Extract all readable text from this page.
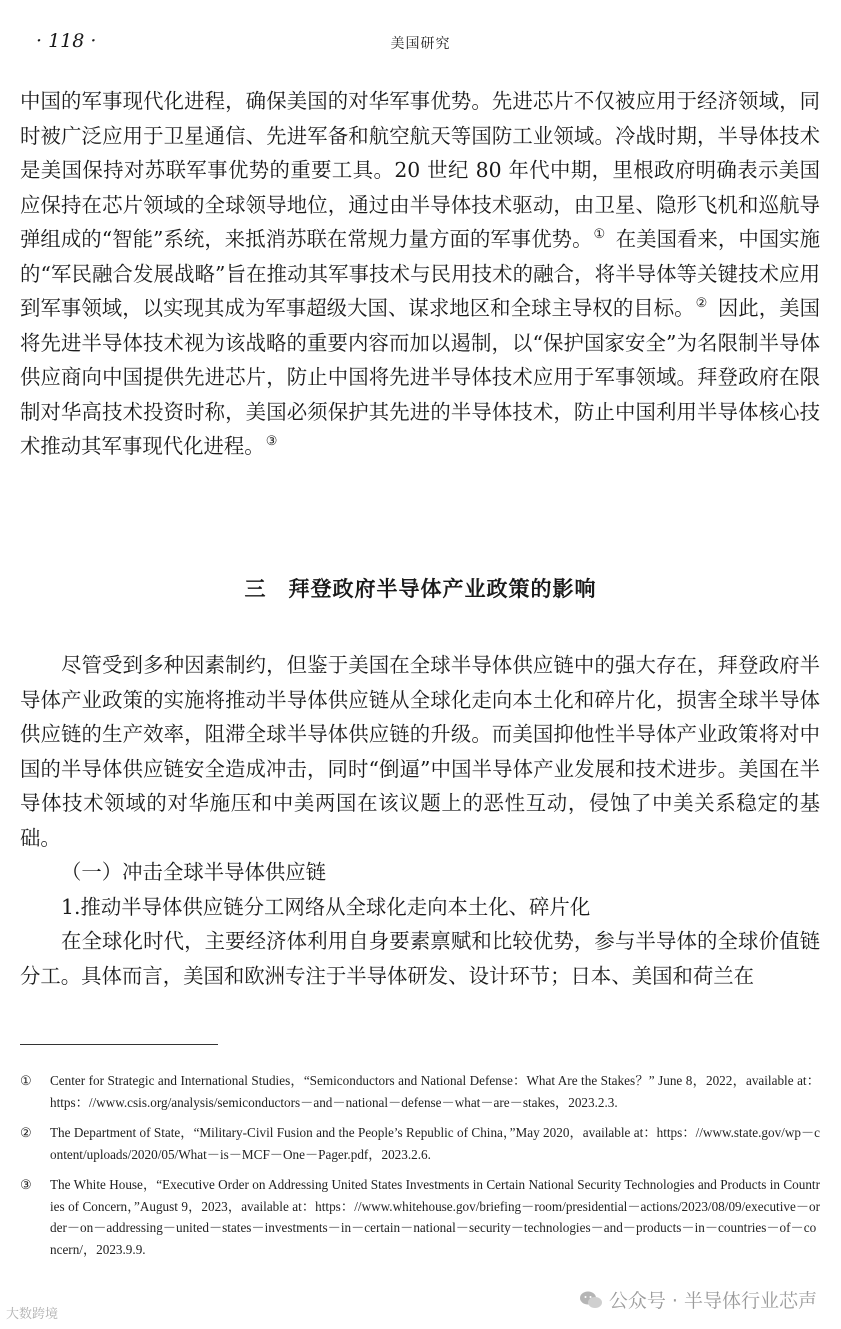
· 118 ·	美国研究

中国的军事现代化进程，确保美国的对华军事优势。先进芯片不仅被应用于经济领域，同时被广泛应用于卫星通信、先进军备和航空航天等国防工业领域。冷战时期，半导体技术是美国保持对苏联军事优势的重要工具。20 世纪 80 年代中期，里根政府明确表示美国应保持在芯片领域的全球领导地位，通过由半导体技术驱动，由卫星、隐形飞机和巡航导弹组成的“智能”系统，来抵消苏联在常规力量方面的军事优势。① 在美国看来，中国实施的“军民融合发展战略”旨在推动其军事技术与民用技术的融合，将半导体等关键技术应用到军事领域，以实现其成为军事超级大国、谋求地区和全球主导权的目标。② 因此，美国将先进半导体技术视为该战略的重要内容而加以遏制，以“保护国家安全”为名限制半导体供应商向中国提供先进芯片，防止中国将先进半导体技术应用于军事领域。拜登政府在限制对华高技术投资时称，美国必须保护其先进的半导体技术，防止中国利用半导体核心技术推动其军事现代化进程。③

三　拜登政府半导体产业政策的影响

尽管受到多种因素制约，但鉴于美国在全球半导体供应链中的强大存在，拜登政府半导体产业政策的实施将推动半导体供应链从全球化走向本土化和碎片化，损害全球半导体供应链的生产效率，阻滞全球半导体供应链的升级。而美国抑他性半导体产业政策将对中国的半导体供应链安全造成冲击，同时“倒逼”中国半导体产业发展和技术进步。美国在半导体技术领域的对华施压和中美两国在该议题上的恶性互动，侵蚀了中美关系稳定的基础。

（一）冲击全球半导体供应链

1.推动半导体供应链分工网络从全球化走向本土化、碎片化

在全球化时代，主要经济体利用自身要素禀赋和比较优势，参与半导体的全球价值链分工。具体而言，美国和欧洲专注于半导体研发、设计环节；日本、美国和荷兰在

①	Center for Strategic and International Studies，“Semiconductors and National Defense：What Are the Stakes？” June 8，2022，available at：https：//www.csis.org/analysis/semiconductors－and－national－defense－what－are－stakes，2023.2.3.
②	The Department of State，“Military-Civil Fusion and the People’s Republic of China，”May 2020，available at：https：//www.state.gov/wp－content/uploads/2020/05/What－is－MCF－One－Pager.pdf，2023.2.6.
③	The White House，“Executive Order on Addressing United States Investments in Certain National Security Technologies and Products in Countries of Concern，”August 9，2023，available at：https：//www.whitehouse.gov/briefing－room/presidential－actions/2023/08/09/executive－order－on－addressing－united－states－investments－in－certain－national－security－technologies－and－products－in－countries－of－concern/，2023.9.9.
大数跨境
公众号 · 半导体行业芯声
